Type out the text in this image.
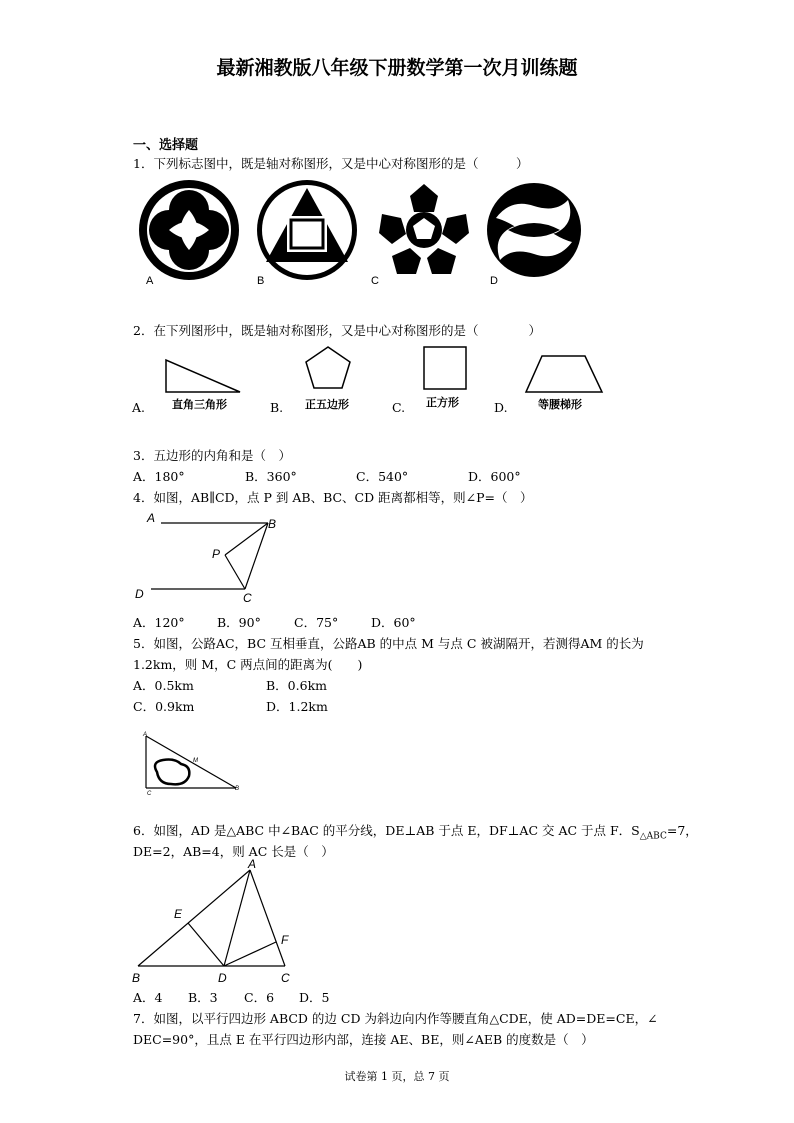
最新湘教版八年级下册数学第一次月训练题
一、选择题
1．下列标志图中，既是轴对称图形，又是中心对称图形的是（　　　）
A	B	C	D
2．在下列图形中，既是轴对称图形，又是中心对称图形的是（　　　　）
A. 直角三角形	B. 正五边形	C. 正方形	D.	等腰梯形
3．五边形的内角和是（　）
A．180°	B．360°	C．540°	D．600°
4．如图，AB∥CD，点 P 到 AB、BC、CD 距离都相等，则∠P=（　）
A	B
P
D	C
A．120°	B．90°	C．75°	D．60°
5．如图，公路AC，BC 互相垂直，公路AB 的中点 M 与点 C 被湖隔开，若测得AM 的长为
1.2km，则 M，C 两点间的距离为(　　)
A．0.5km	B．0.6km
C．0.9km	D．1.2km
A
M
C
B
6．如图，AD 是△ABC 中∠BAC 的平分线，DE⊥AB 于点 E，DF⊥AC 交 AC 于点 F．$S_{\triangle ABC}=7$，
DE=2，AB=4，则 AC 长是（　）
A
E
F
B	D	C
A．4 B．3 C．6 D．5
7．如图，以平行四边形 ABCD 的边 CD 为斜边向内作等腰直角△CDE，使 AD=DE=CE，∠
DEC=90°，且点 E 在平行四边形内部，连接 AE、BE，则∠AEB 的度数是（　）
试卷第 1 页，总 7 页
